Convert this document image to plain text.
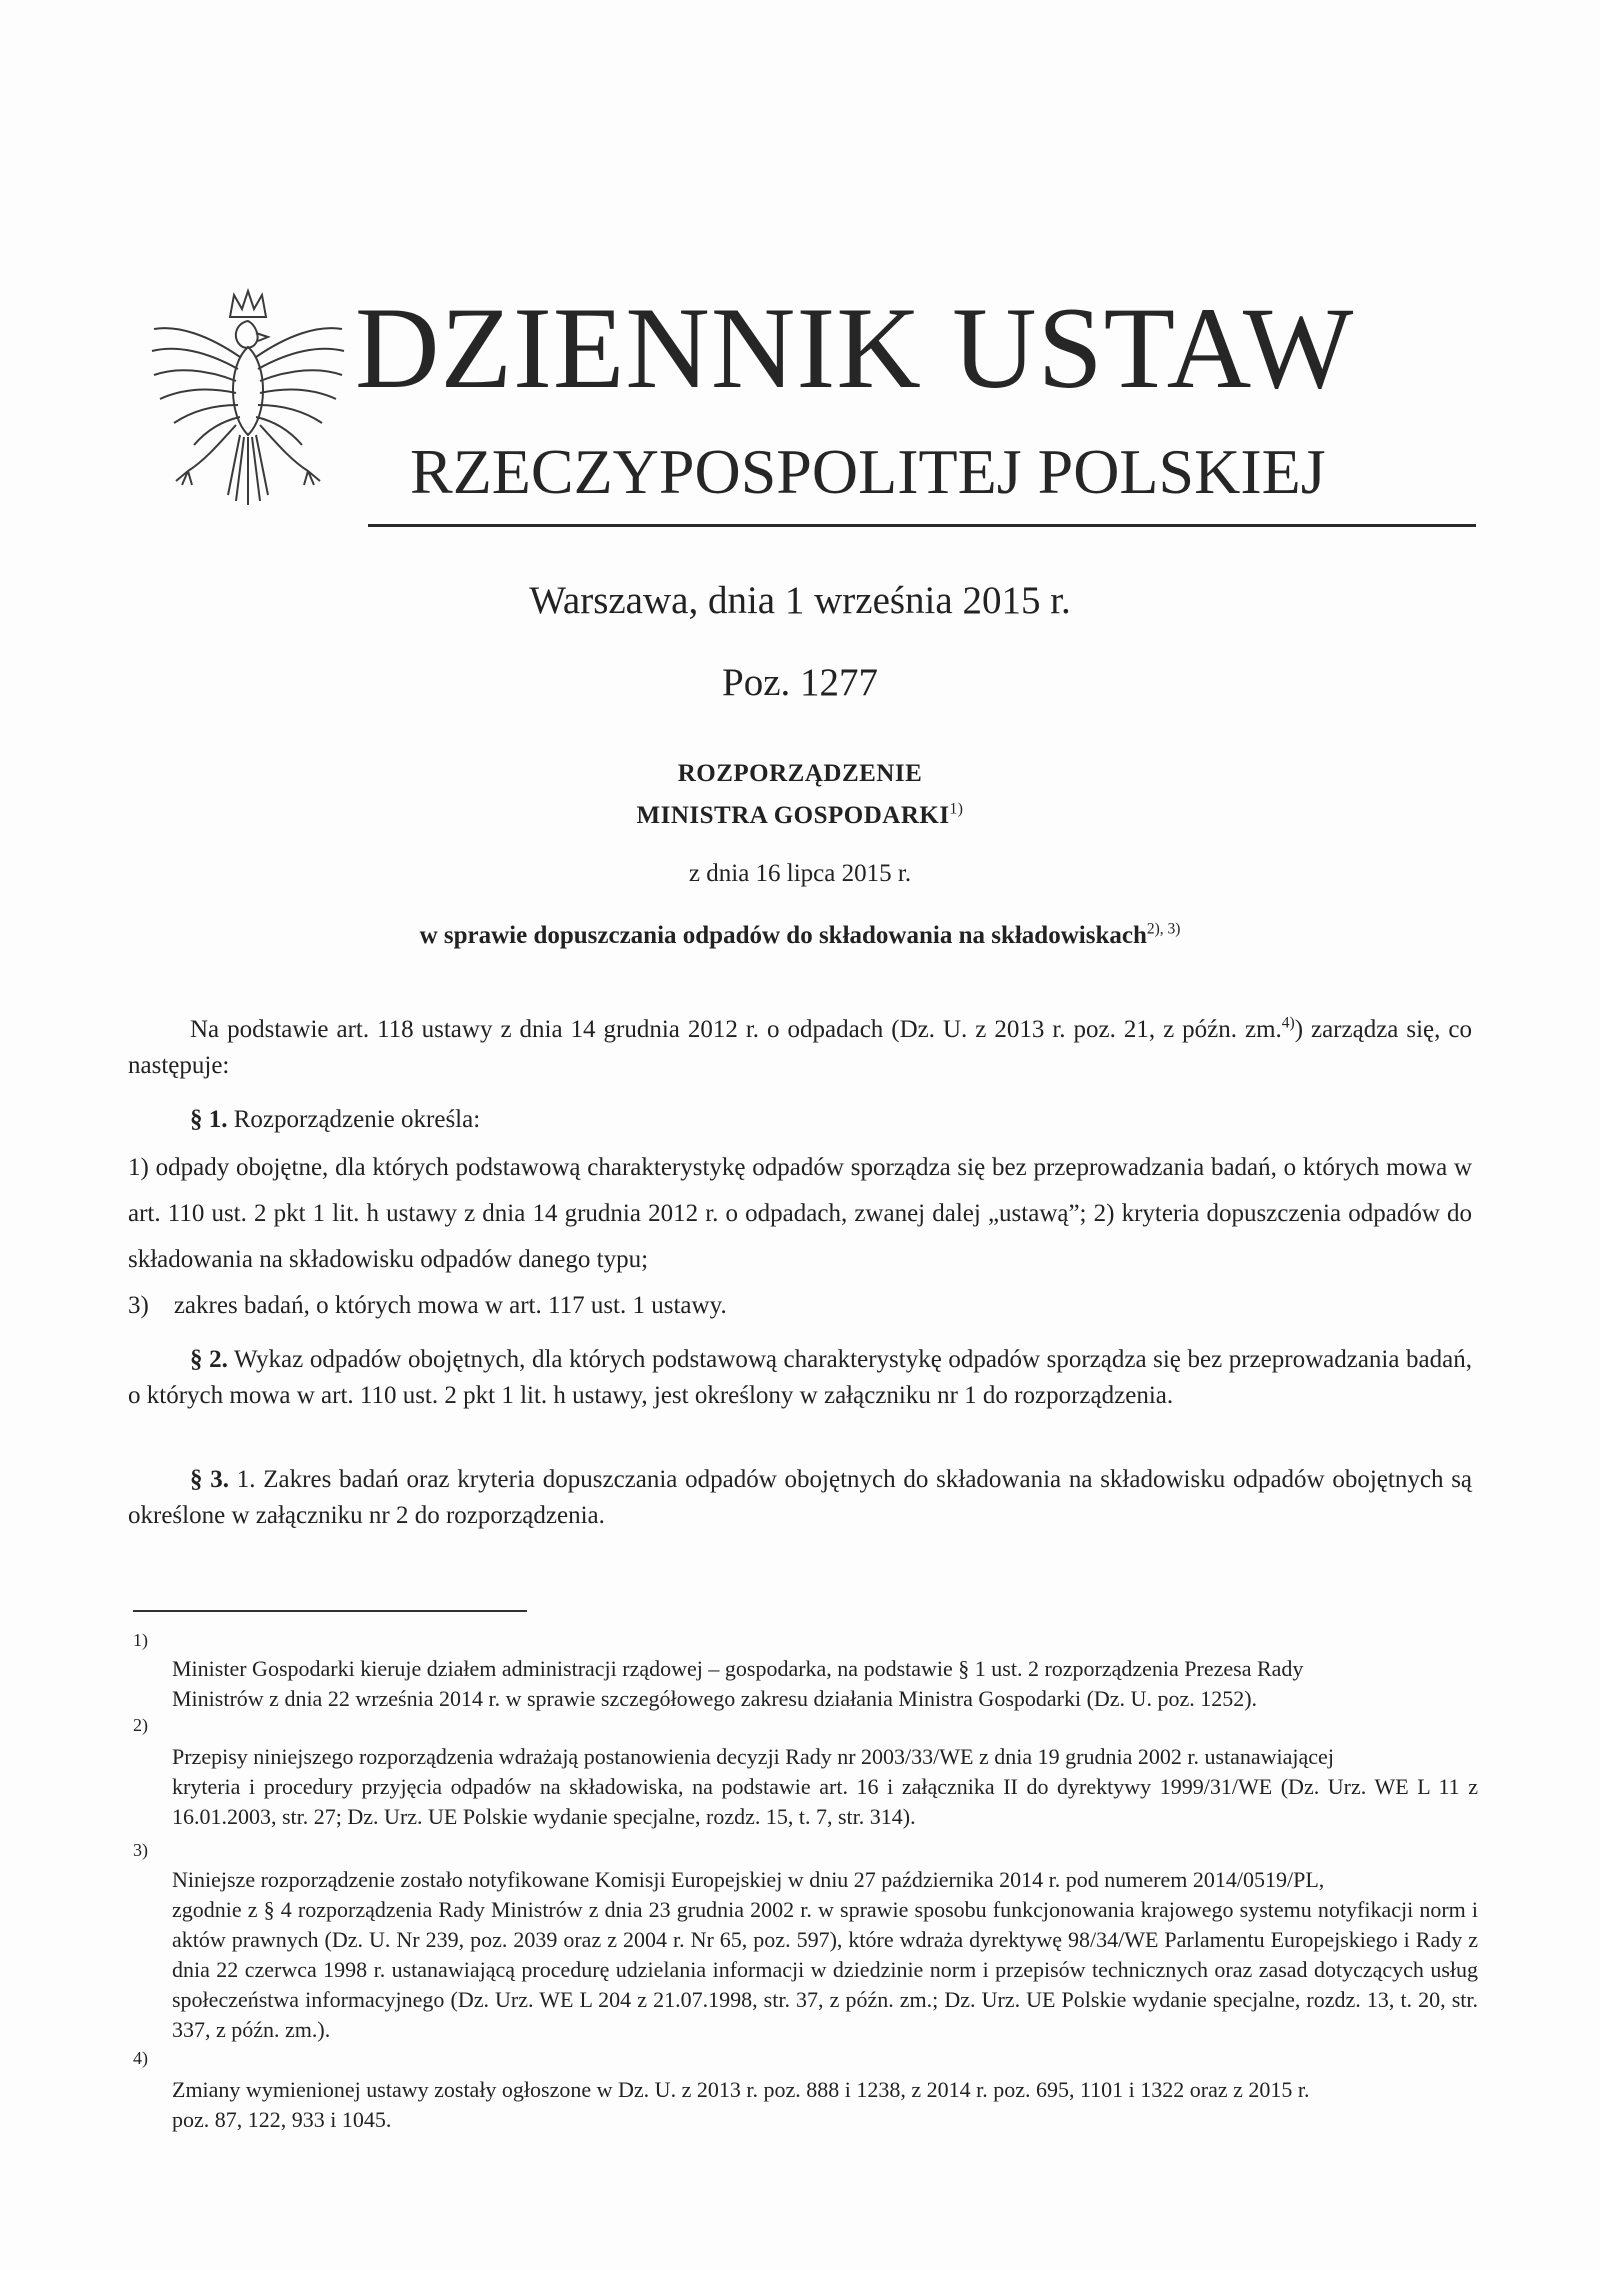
DZIENNIK USTAW
RZECZYPOSPOLITEJ POLSKIEJ
Warszawa, dnia 1 września 2015 r.
Poz. 1277
ROZPORZĄDZENIE
MINISTRA GOSPODARKI$^{1)}$
z dnia 16 lipca 2015 r.
w sprawie dopuszczania odpadów do składowania na składowiskach$^{2), 3)}$
Na podstawie art. 118 ustawy z dnia 14 grudnia 2012 r. o odpadach (Dz. U. z 2013 r. poz. 21, z późn. zm.$^{4)}$) zarządza się, co następuje:
§ 1. Rozporządzenie określa:
1) odpady obojętne, dla których podstawową charakterystykę odpadów sporządza się bez przeprowadzania badań, o których mowa w art. 110 ust. 2 pkt 1 lit. h ustawy z dnia 14 grudnia 2012 r. o odpadach, zwanej dalej „ustawą”; 2) kryteria dopuszczenia odpadów do składowania na składowisku odpadów danego typu;
3) zakres badań, o których mowa w art. 117 ust. 1 ustawy.
§ 2. Wykaz odpadów obojętnych, dla których podstawową charakterystykę odpadów sporządza się bez przeprowadzania badań, o których mowa w art. 110 ust. 2 pkt 1 lit. h ustawy, jest określony w załączniku nr 1 do rozporządzenia.
§ 3. 1. Zakres badań oraz kryteria dopuszczania odpadów obojętnych do składowania na składowisku odpadów obojętnych są określone w załączniku nr 2 do rozporządzenia.
1)
Minister Gospodarki kieruje działem administracji rządowej – gospodarka, na podstawie § 1 ust. 2 rozporządzenia Prezesa Rady
Ministrów z dnia 22 września 2014 r. w sprawie szczegółowego zakresu działania Ministra Gospodarki (Dz. U. poz. 1252).
2)
Przepisy niniejszego rozporządzenia wdrażają postanowienia decyzji Rady nr 2003/33/WE z dnia 19 grudnia 2002 r. ustanawiającej
kryteria i procedury przyjęcia odpadów na składowiska, na podstawie art. 16 i załącznika II do dyrektywy 1999/31/WE (Dz. Urz. WE L 11 z 16.01.2003, str. 27; Dz. Urz. UE Polskie wydanie specjalne, rozdz. 15, t. 7, str. 314).
3)
Niniejsze rozporządzenie zostało notyfikowane Komisji Europejskiej w dniu 27 października 2014 r. pod numerem 2014/0519/PL,
zgodnie z § 4 rozporządzenia Rady Ministrów z dnia 23 grudnia 2002 r. w sprawie sposobu funkcjonowania krajowego systemu notyfikacji norm i aktów prawnych (Dz. U. Nr 239, poz. 2039 oraz z 2004 r. Nr 65, poz. 597), które wdraża dyrektywę 98/34/WE Parlamentu Europejskiego i Rady z dnia 22 czerwca 1998 r. ustanawiającą procedurę udzielania informacji w dziedzinie norm i przepisów technicznych oraz zasad dotyczących usług społeczeństwa informacyjnego (Dz. Urz. WE L 204 z 21.07.1998, str. 37, z późn. zm.; Dz. Urz. UE Polskie wydanie specjalne, rozdz. 13, t. 20, str. 337, z późn. zm.).
4)
Zmiany wymienionej ustawy zostały ogłoszone w Dz. U. z 2013 r. poz. 888 i 1238, z 2014 r. poz. 695, 1101 i 1322 oraz z 2015 r.
poz. 87, 122, 933 i 1045.
